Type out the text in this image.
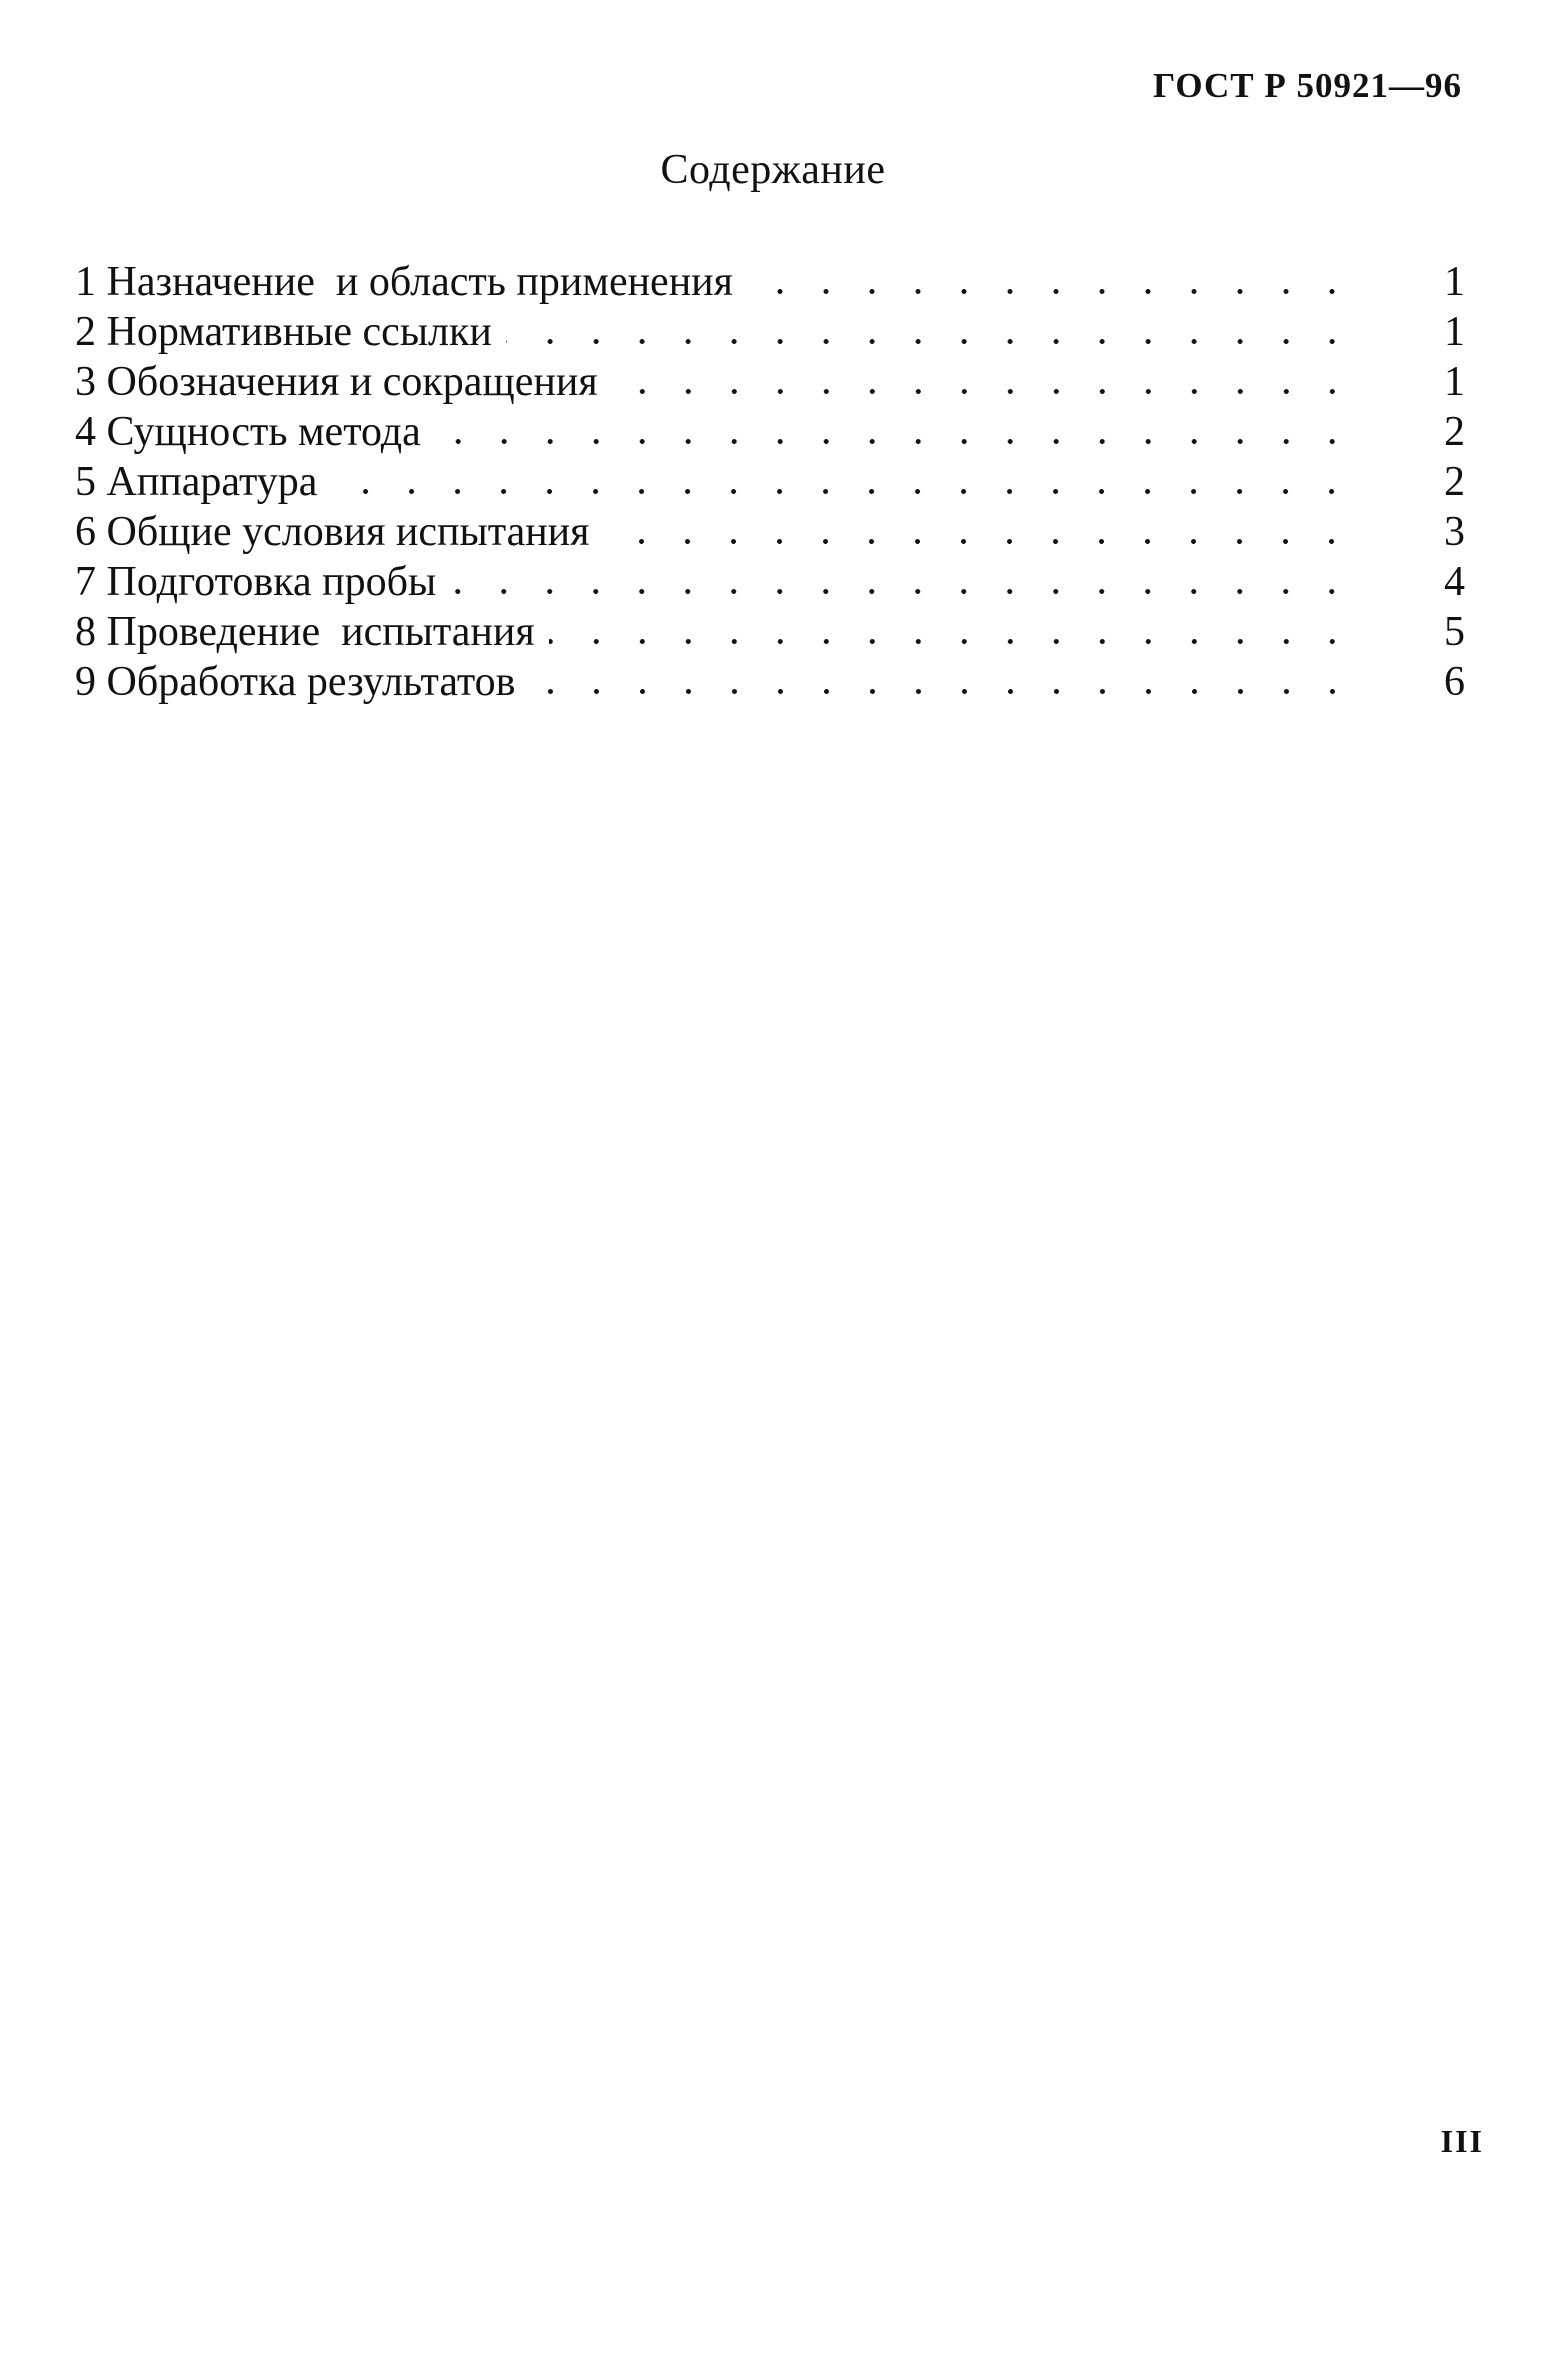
ГОСТ Р 50921—96
Содержание
1 Назначение  и область применения	1
2 Нормативные ссылки	1
3 Обозначения и сокращения	1
4 Сущность метода	2
5 Аппаратура	2
6 Общие условия испытания	3
7 Подготовка пробы	4
8 Проведение  испытания	5
9 Обработка результатов	6
III
